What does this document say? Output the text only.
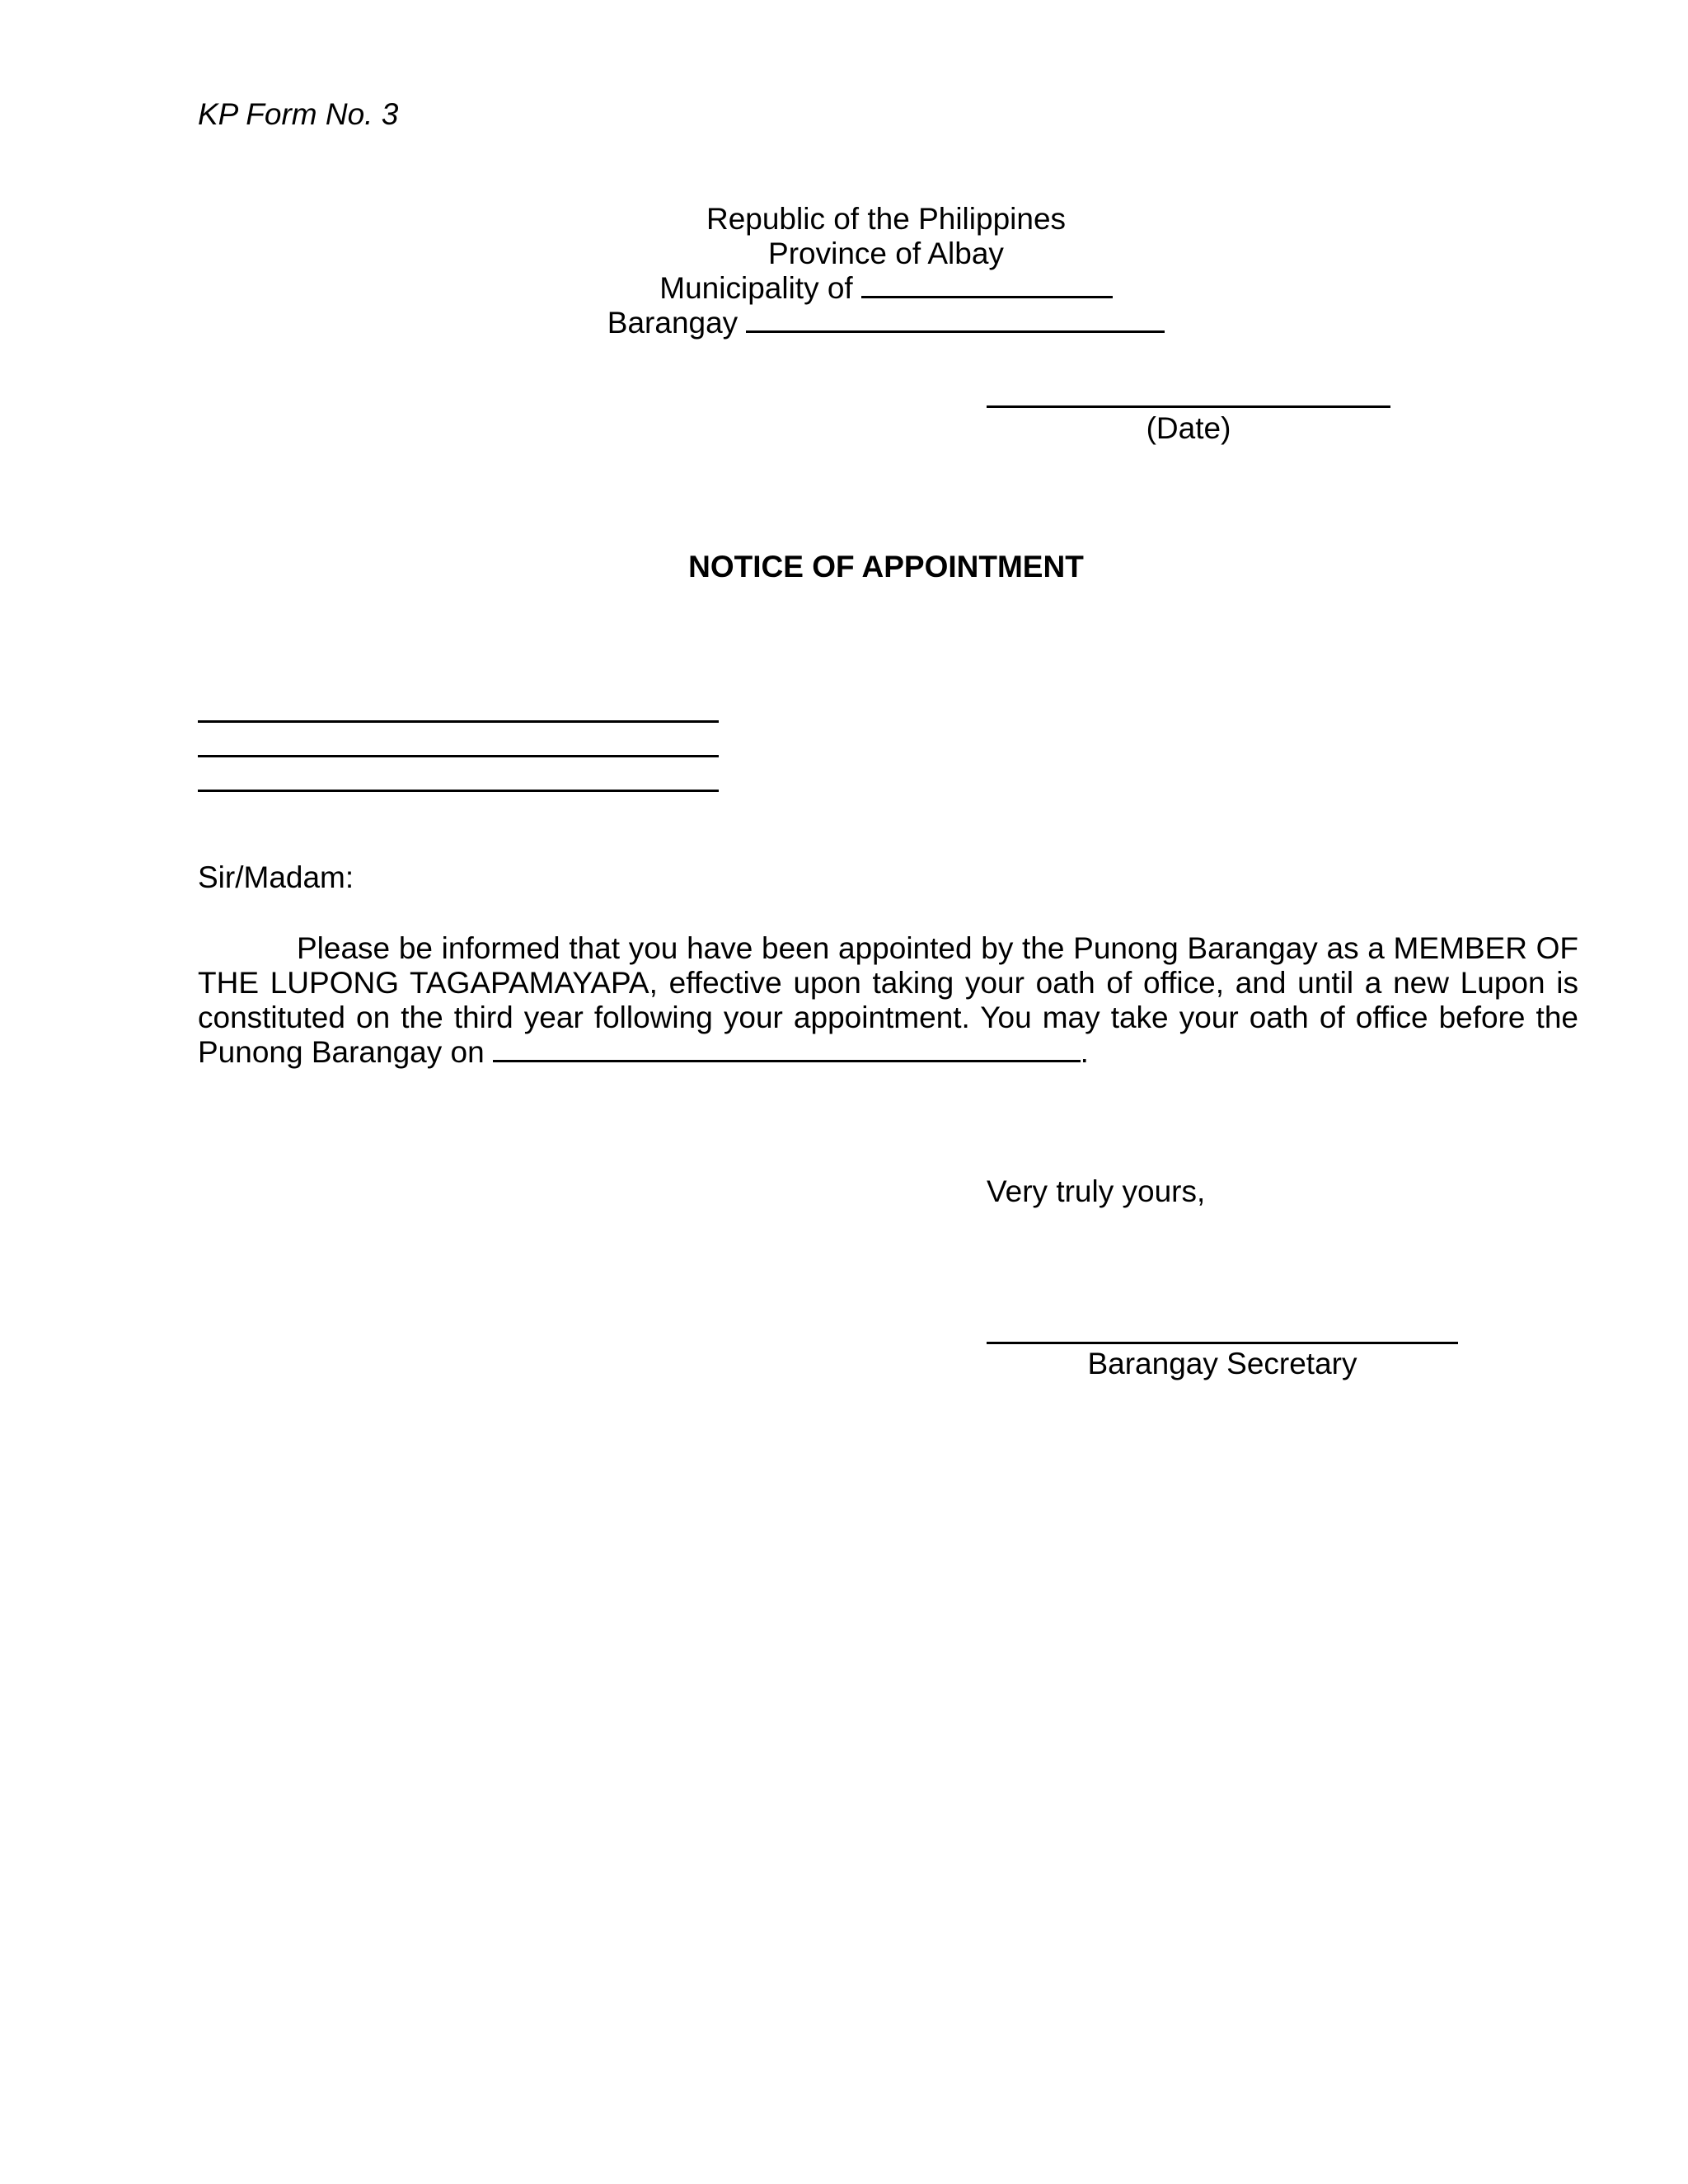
KP Form No. 3
Republic of the Philippines
Province of Albay
Municipality of
Barangay
(Date)
NOTICE OF APPOINTMENT
Sir/Madam:
Please be informed that you have been appointed by the Punong Barangay as a MEMBER OF THE LUPONG TAGAPAMAYAPA, effective upon taking your oath of office, and until a new Lupon is constituted on the third year following your appointment. You may take your oath of office before the Punong Barangay on	.
Very truly yours,
Barangay Secretary
